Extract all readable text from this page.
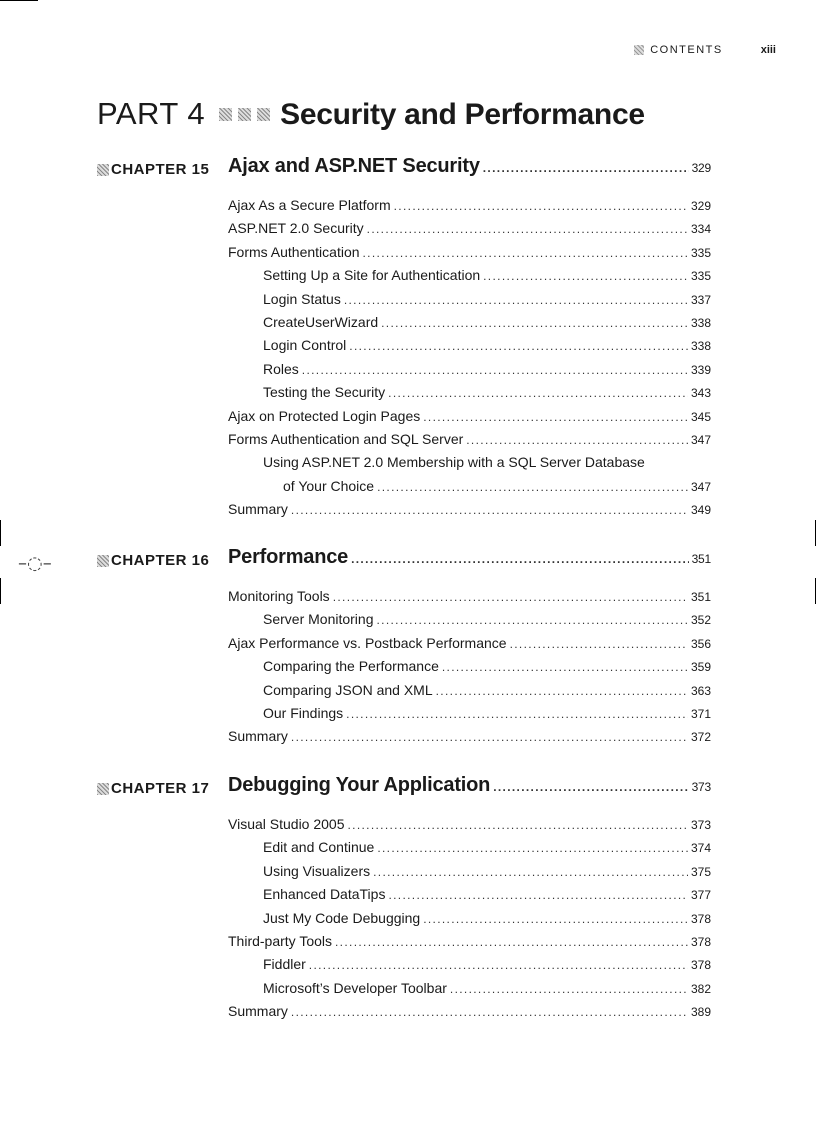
–◌–
CONTENTS	xiii
PART 4	Security and Performance
CHAPTER 15 Ajax and ASP.NET Security . . .	329
Ajax As a Secure Platform . . .	329
ASP.NET 2.0 Security . . .	334
Forms Authentication . . .	335
Setting Up a Site for Authentication . . .	335
Login Status . . .	337
CreateUserWizard . . .	338
Login Control . . .	338
Roles . . .	339
Testing the Security . . .	343
Ajax on Protected Login Pages . . .	345
Forms Authentication and SQL Server . . .	347
Using ASP.NET 2.0 Membership with a SQL Server Database
of Your Choice . . .	347
Summary . . .	349
CHAPTER 16 Performance . . .	351
Monitoring Tools . . .	351
Server Monitoring . . .	352
Ajax Performance vs. Postback Performance . . .	356
Comparing the Performance . . .	359
Comparing JSON and XML . . .	363
Our Findings . . .	371
Summary . . .	372
CHAPTER 17 Debugging Your Application . . .	373
Visual Studio 2005 . . .	373
Edit and Continue . . .	374
Using Visualizers . . .	375
Enhanced DataTips . . .	377
Just My Code Debugging . . .	378
Third-party Tools . . .	378
Fiddler . . .	378
Microsoft’s Developer Toolbar . . .	382
Summary . . .	389
